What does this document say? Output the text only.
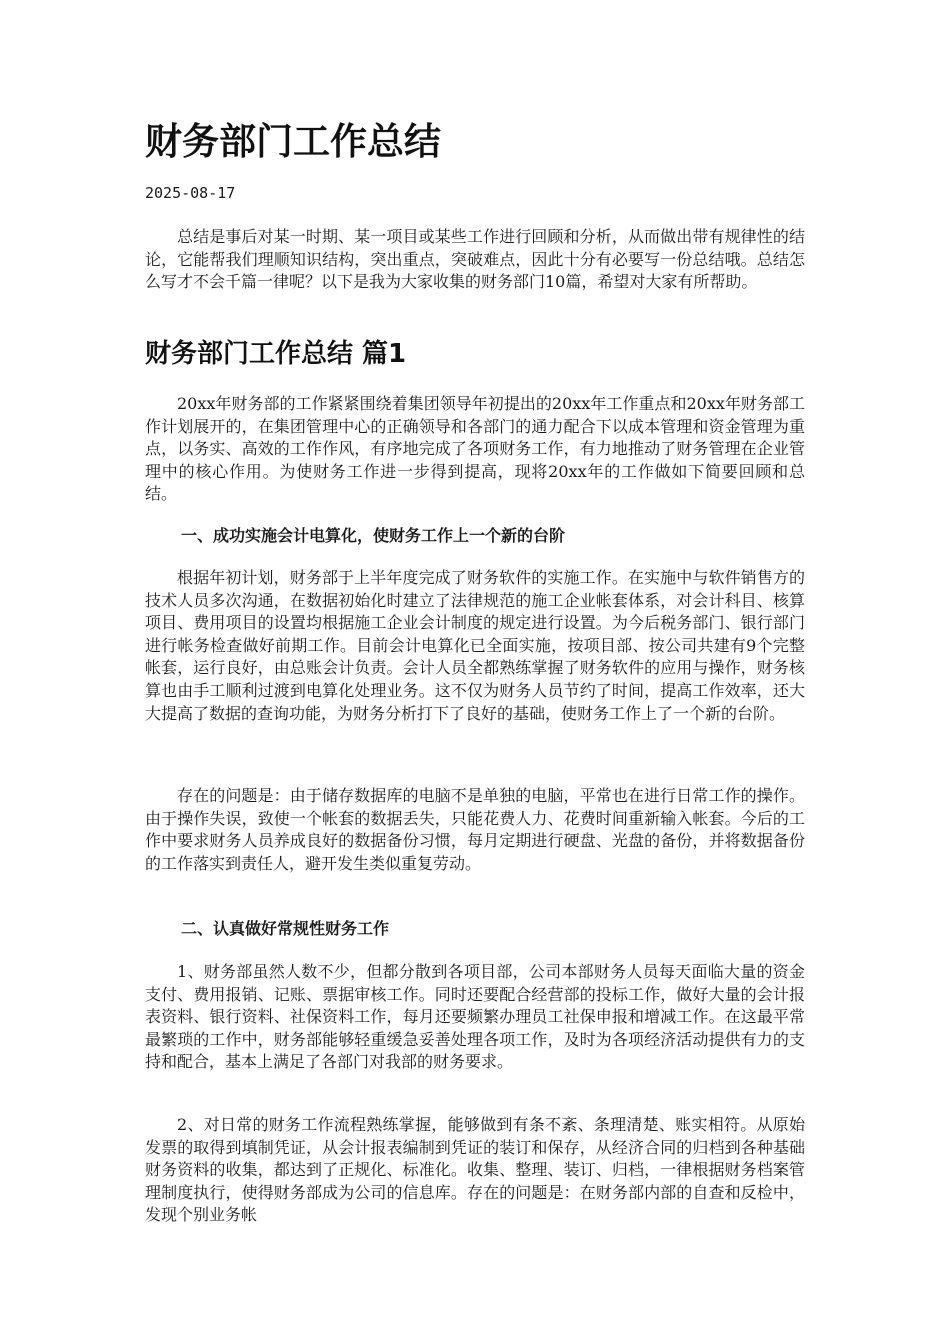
财务部门工作总结
2025-08-17

总结是事后对某一时期、某一项目或某些工作进行回顾和分析，从而做出带有规律性的结论，它能帮我们理顺知识结构，突出重点，突破难点，因此十分有必要写一份总结哦。总结怎么写才不会千篇一律呢？以下是我为大家收集的财务部门10篇，希望对大家有所帮助。

财务部门工作总结 篇1

20xx年财务部的工作紧紧围绕着集团领导年初提出的20xx年工作重点和20xx年财务部工作计划展开的，在集团管理中心的正确领导和各部门的通力配合下以成本管理和资金管理为重点，以务实、高效的工作作风，有序地完成了各项财务工作，有力地推动了财务管理在企业管理中的核心作用。为使财务工作进一步得到提高，现将20xx年的工作做如下简要回顾和总结。

一、成功实施会计电算化，使财务工作上一个新的台阶

根据年初计划，财务部于上半年度完成了财务软件的实施工作。在实施中与软件销售方的技术人员多次沟通，在数据初始化时建立了法律规范的施工企业帐套体系，对会计科目、核算项目、费用项目的设置均根据施工企业会计制度的规定进行设置。为今后税务部门、银行部门进行帐务检查做好前期工作。目前会计电算化已全面实施，按项目部、按公司共建有9个完整帐套，运行良好，由总账会计负责。会计人员全都熟练掌握了财务软件的应用与操作，财务核算也由手工顺利过渡到电算化处理业务。这不仅为财务人员节约了时间，提高工作效率，还大大提高了数据的查询功能，为财务分析打下了良好的基础，使财务工作上了一个新的台阶。

存在的问题是：由于储存数据库的电脑不是单独的电脑，平常也在进行日常工作的操作。由于操作失误，致使一个帐套的数据丢失，只能花费人力、花费时间重新输入帐套。今后的工作中要求财务人员养成良好的数据备份习惯，每月定期进行硬盘、光盘的备份，并将数据备份的工作落实到责任人，避开发生类似重复劳动。

二、认真做好常规性财务工作

1、财务部虽然人数不少，但都分散到各项目部，公司本部财务人员每天面临大量的资金支付、费用报销、记账、票据审核工作。同时还要配合经营部的投标工作，做好大量的会计报表资料、银行资料、社保资料工作，每月还要频繁办理员工社保申报和增减工作。在这最平常最繁琐的工作中，财务部能够轻重缓急妥善处理各项工作，及时为各项经济活动提供有力的支持和配合，基本上满足了各部门对我部的财务要求。

2、对日常的财务工作流程熟练掌握，能够做到有条不紊、条理清楚、账实相符。从原始发票的取得到填制凭证，从会计报表编制到凭证的装订和保存，从经济合同的归档到各种基础财务资料的收集，都达到了正规化、标准化。收集、整理、装订、归档，一律根据财务档案管理制度执行，使得财务部成为公司的信息库。存在的问题是：在财务部内部的自查和反检中，发现个别业务帐
